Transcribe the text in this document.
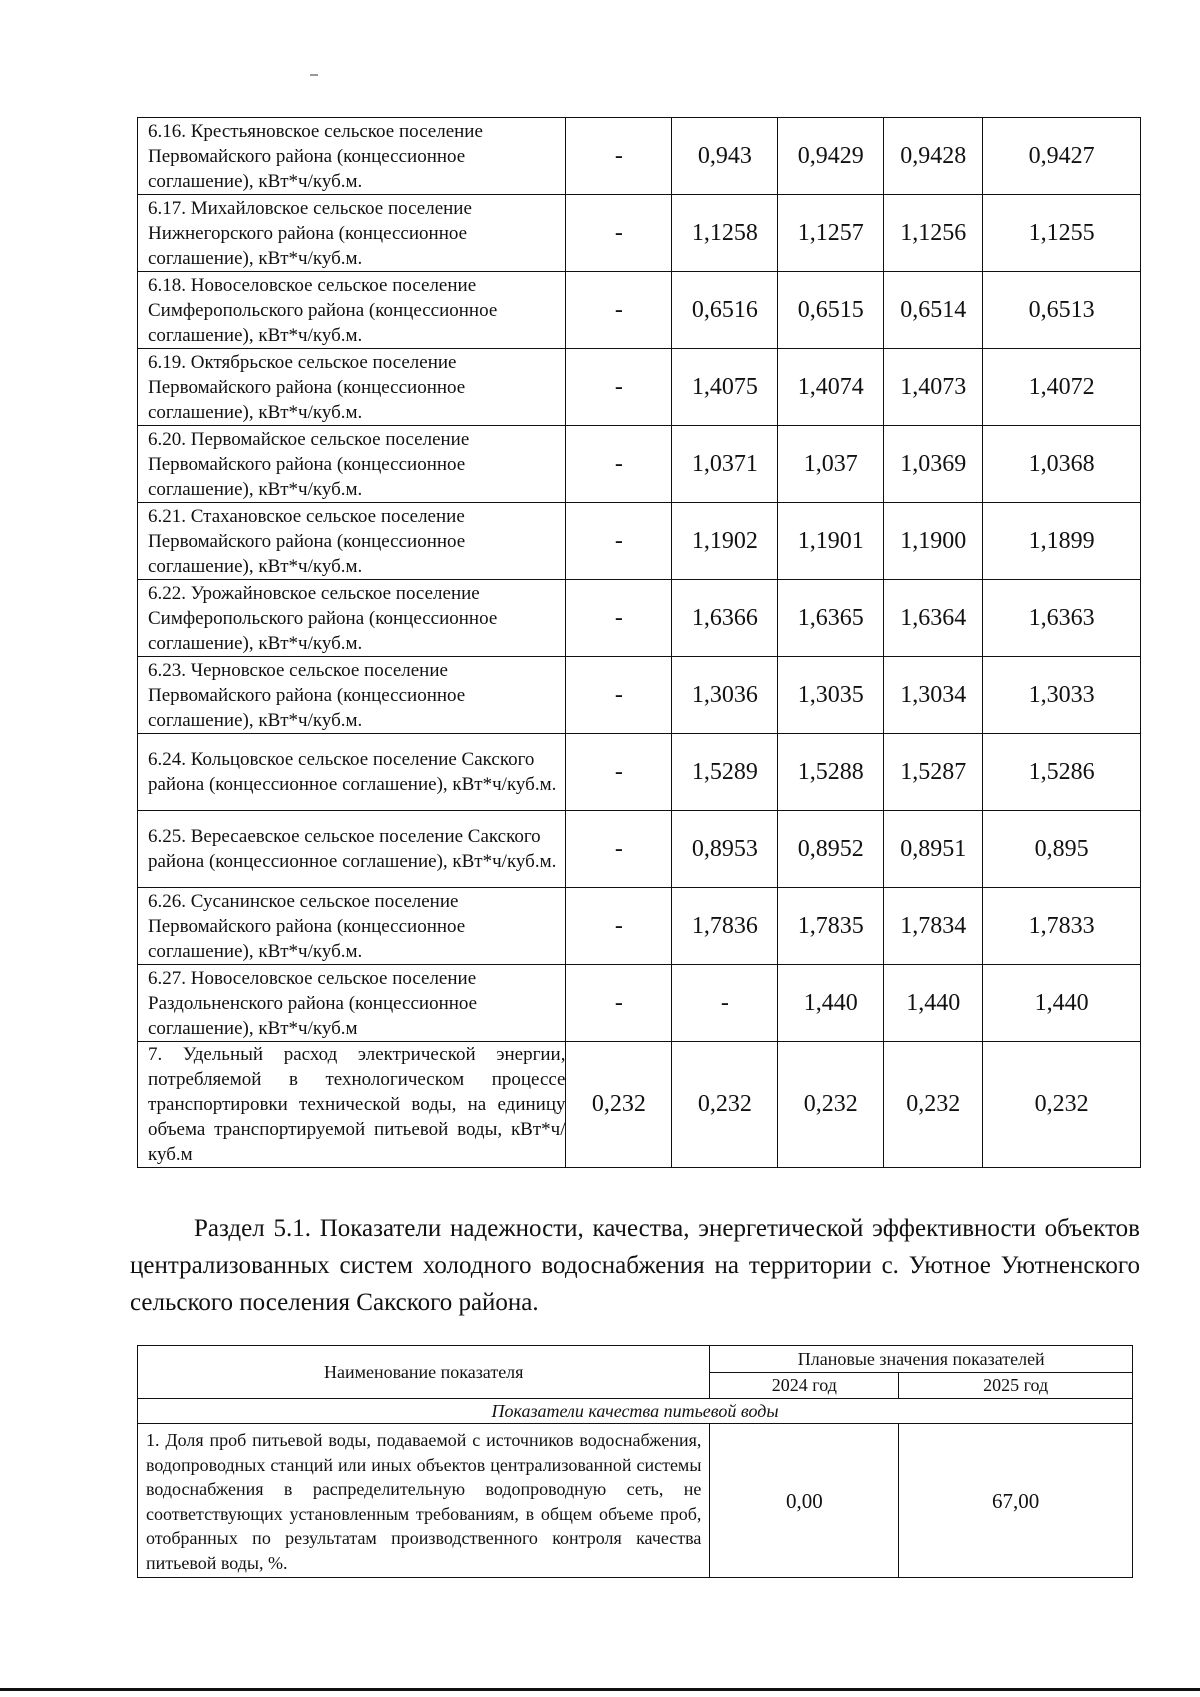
6.16. Крестьяновское сельское поселение Первомайского района (концессионное соглашение), кВт*ч/куб.м.	-	0,943	0,9429	0,9428	0,9427
6.17. Михайловское сельское поселение Нижнегорского района (концессионное соглашение), кВт*ч/куб.м.	-	1,1258	1,1257	1,1256	1,1255
6.18. Новоселовское сельское поселение Симферопольского района (концессионное соглашение), кВт*ч/куб.м.	-	0,6516	0,6515	0,6514	0,6513
6.19. Октябрьское сельское поселение Первомайского района (концессионное соглашение), кВт*ч/куб.м.	-	1,4075	1,4074	1,4073	1,4072
6.20. Первомайское сельское поселение Первомайского района (концессионное соглашение), кВт*ч/куб.м.	-	1,0371	1,037	1,0369	1,0368
6.21. Стахановское сельское поселение Первомайского района (концессионное соглашение), кВт*ч/куб.м.	-	1,1902	1,1901	1,1900	1,1899
6.22. Урожайновское сельское поселение Симферопольского района (концессионное соглашение), кВт*ч/куб.м.	-	1,6366	1,6365	1,6364	1,6363
6.23. Черновское сельское поселение Первомайского района (концессионное соглашение), кВт*ч/куб.м.	-	1,3036	1,3035	1,3034	1,3033
6.24. Кольцовское сельское поселение Сакского района (концессионное соглашение), кВт*ч/куб.м.	-	1,5289	1,5288	1,5287	1,5286
6.25. Вересаевское сельское поселение Сакского района (концессионное соглашение), кВт*ч/куб.м.	-	0,8953	0,8952	0,8951	0,895
6.26. Сусанинское сельское поселение Первомайского района (концессионное соглашение), кВт*ч/куб.м.	-	1,7836	1,7835	1,7834	1,7833
6.27. Новоселовское сельское поселение Раздольненского района (концессионное соглашение), кВт*ч/куб.м	-	-	1,440	1,440	1,440
7. Удельный расход электрической энергии, потребляемой в технологическом процессе транспортировки технической воды, на единицу объема транспортируемой питьевой воды, кВт*ч/куб.м	0,232	0,232	0,232	0,232	0,232
Раздел 5.1. Показатели надежности, качества, энергетической эффективности объектов централизованных систем холодного водоснабжения на территории с. Уютное Уютненского сельского поселения Сакского района.
Наименование показателя	Плановые значения показателей	
	2024 год	2025 год
Показатели качества питьевой воды		
1. Доля проб питьевой воды, подаваемой с источников водоснабжения, водопроводных станций или иных объектов централизованной системы водоснабжения в распределительную водопроводную сеть, не соответствующих установленным требованиям, в общем объеме проб, отобранных по результатам производственного контроля качества питьевой воды, %.	0,00	67,00
